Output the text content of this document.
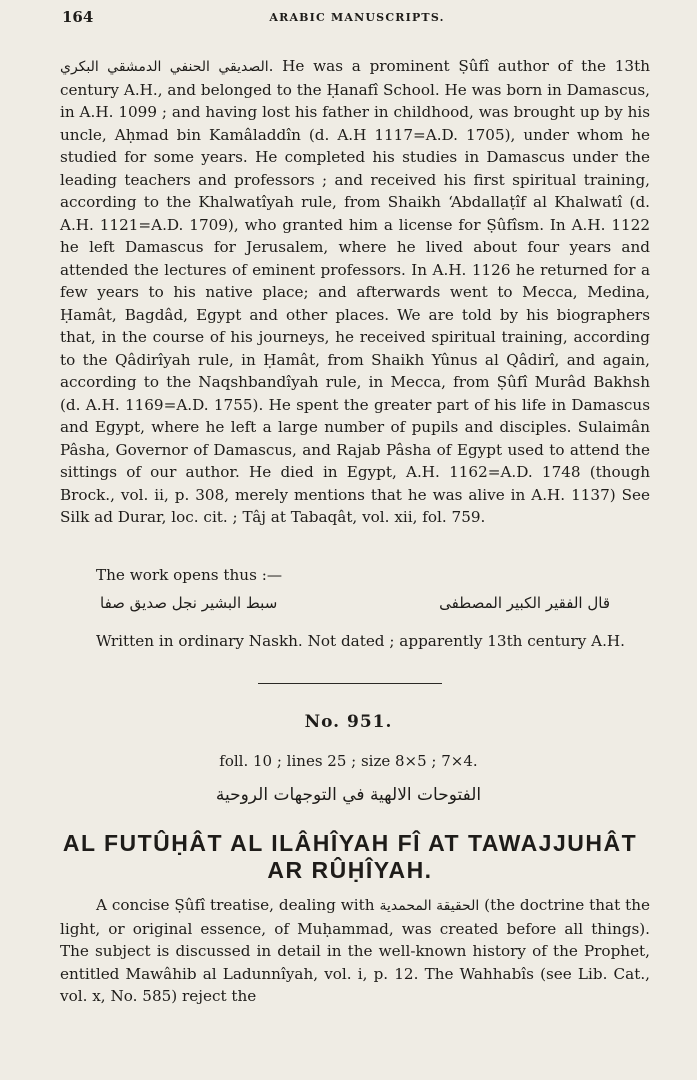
164	ARABIC MANUSCRIPTS.
الصديقي الحنفي الدمشقي البكري. He was a prominent Ṣûfî author of the 13th century A.H., and belonged to the Ḥanafî School. He was born in Damascus, in A.H. 1099 ; and having lost his father in childhood, was brought up by his uncle, Aḥmad bin Kamâladdîn (d. A.H 1117=A.D. 1705), under whom he studied for some years. He completed his studies in Damascus under the leading teachers and professors ; and received his first spiritual training, according to the Khalwatîyah rule, from Shaikh ‘Abdallaṭîf al Khalwatî (d. A.H. 1121=A.D. 1709), who granted him a license for Ṣûfîsm. In A.H. 1122 he left Damascus for Jerusalem, where he lived about four years and attended the lectures of eminent professors. In A.H. 1126 he returned for a few years to his native place; and afterwards went to Mecca, Medina, Ḥamât, Bagdâd, Egypt and other places. We are told by his biographers that, in the course of his journeys, he received spiritual training, according to the Qâdirîyah rule, in Ḥamât, from Shaikh Yûnus al Qâdirî, and again, according to the Naqshbandîyah rule, in Mecca, from Ṣûfî Murâd Bakhsh (d. A.H. 1169=A.D. 1755). He spent the greater part of his life in Damascus and Egypt, where he left a large number of pupils and disciples. Sulaimân Pâsha, Governor of Damascus, and Rajab Pâsha of Egypt used to attend the sittings of our author. He died in Egypt, A.H. 1162=A.D. 1748 (though Brock., vol. ii, p. 308, merely mentions that he was alive in A.H. 1137) See Silk ad Durar, loc. cit. ; Tâj at Tabaqât, vol. xii, fol. 759.
The work opens thus :—
قال الفقير الكبير المصطفى
سبط البشير نجل صديق صفا
Written in ordinary Naskh. Not dated ; apparently 13th century A.H.
No. 951.
foll. 10 ; lines 25 ; size 8×5 ; 7×4.
الفتوحات الالهية في التوجهات الروحية
AL FUTÛḤÂT AL ILÂHÎYAH FÎ AT TAWAJJUHÂT AR RÛḤÎYAH.
A concise Ṣûfî treatise, dealing with الحقيقة المحمدية (the doctrine that the light, or original essence, of Muḥammad, was created before all things). The subject is discussed in detail in the well-known history of the Prophet, entitled Mawâhib al Ladunnîyah, vol. i, p. 12. The Wahhabîs (see Lib. Cat., vol. x, No. 585) reject the
